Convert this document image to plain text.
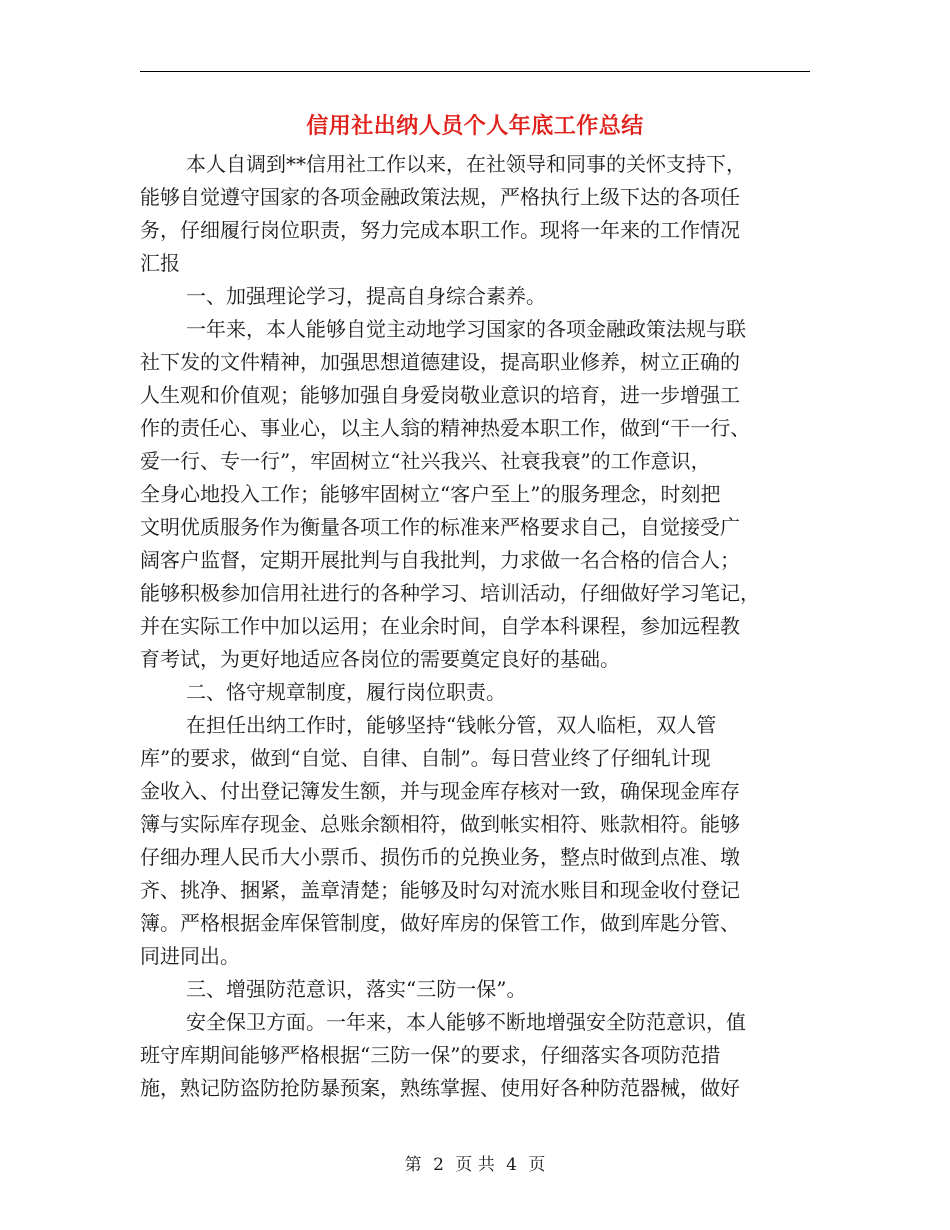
信用社出纳人员个人年底工作总结
本人自调到**信用社工作以来，在社领导和同事的关怀支持下，
能够自觉遵守国家的各项金融政策法规，严格执行上级下达的各项任
务，仔细履行岗位职责，努力完成本职工作。现将一年来的工作情况
汇报
一、加强理论学习，提高自身综合素养。
一年来，本人能够自觉主动地学习国家的各项金融政策法规与联
社下发的文件精神，加强思想道德建设，提高职业修养，树立正确的
人生观和价值观；能够加强自身爱岗敬业意识的培育，进一步增强工
作的责任心、事业心，以主人翁的精神热爱本职工作，做到“干一行、
爱一行、专一行”，牢固树立“社兴我兴、社衰我衰”的工作意识，
全身心地投入工作；能够牢固树立“客户至上”的服务理念，时刻把
文明优质服务作为衡量各项工作的标准来严格要求自己，自觉接受广
阔客户监督，定期开展批判与自我批判，力求做一名合格的信合人；
能够积极参加信用社进行的各种学习、培训活动，仔细做好学习笔记，
并在实际工作中加以运用；在业余时间，自学本科课程，参加远程教
育考试，为更好地适应各岗位的需要奠定良好的基础。
二、恪守规章制度，履行岗位职责。
在担任出纳工作时，能够坚持“钱帐分管，双人临柜，双人管
库”的要求，做到“自觉、自律、自制”。每日营业终了仔细轧计现
金收入、付出登记簿发生额，并与现金库存核对一致，确保现金库存
簿与实际库存现金、总账余额相符，做到帐实相符、账款相符。能够
仔细办理人民币大小票币、损伤币的兑换业务，整点时做到点准、墩
齐、挑净、捆紧，盖章清楚；能够及时勾对流水账目和现金收付登记
簿。严格根据金库保管制度，做好库房的保管工作，做到库匙分管、
同进同出。
三、增强防范意识，落实“三防一保”。
安全保卫方面。一年来，本人能够不断地增强安全防范意识，值
班守库期间能够严格根据“三防一保”的要求，仔细落实各项防范措
施，熟记防盗防抢防暴预案，熟练掌握、使用好各种防范器械，做好
第 2 页 共 4 页
